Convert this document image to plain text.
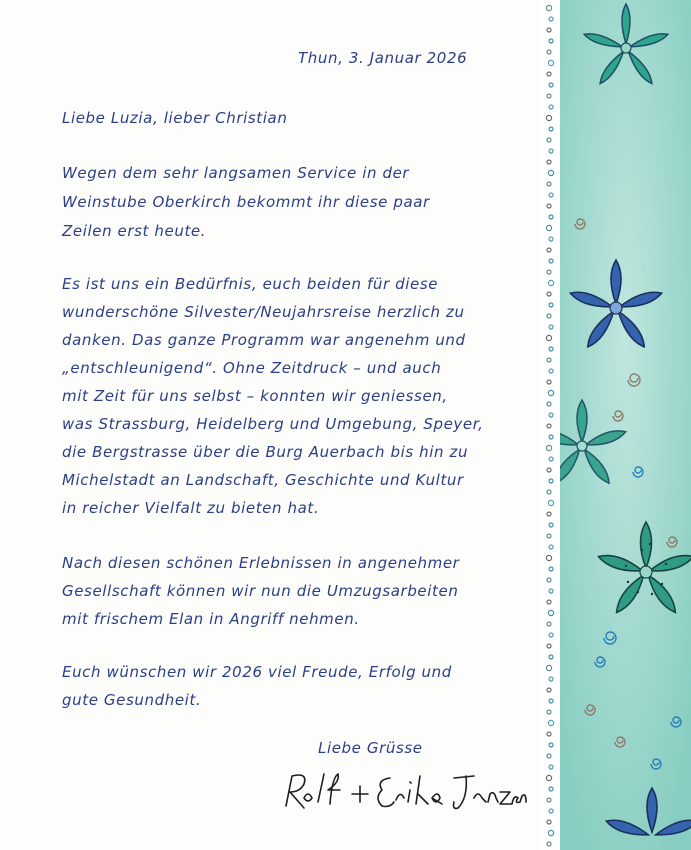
Thun, 3. Januar 2026

Liebe Luzia, lieber Christian

Wegen dem sehr langsamen Service in der

Weinstube Oberkirch bekommt ihr diese paar

Zeilen erst heute.

Es ist uns ein Bedürfnis, euch beiden für diese

wunderschöne Silvester/Neujahrsreise herzlich zu

danken. Das ganze Programm war angenehm und

„entschleunigend“. Ohne Zeitdruck – und auch

mit Zeit für uns selbst – konnten wir geniessen,

was Strassburg, Heidelberg und Umgebung, Speyer,

die Bergstrasse über die Burg Auerbach bis hin zu

Michelstadt an Landschaft, Geschichte und Kultur

in reicher Vielfalt zu bieten hat.

Nach diesen schönen Erlebnissen in angenehmer

Gesellschaft können wir nun die Umzugsarbeiten

mit frischem Elan in Angriff nehmen.

Euch wünschen wir 2026 viel Freude, Erfolg und

gute Gesundheit.

Liebe Grüsse
